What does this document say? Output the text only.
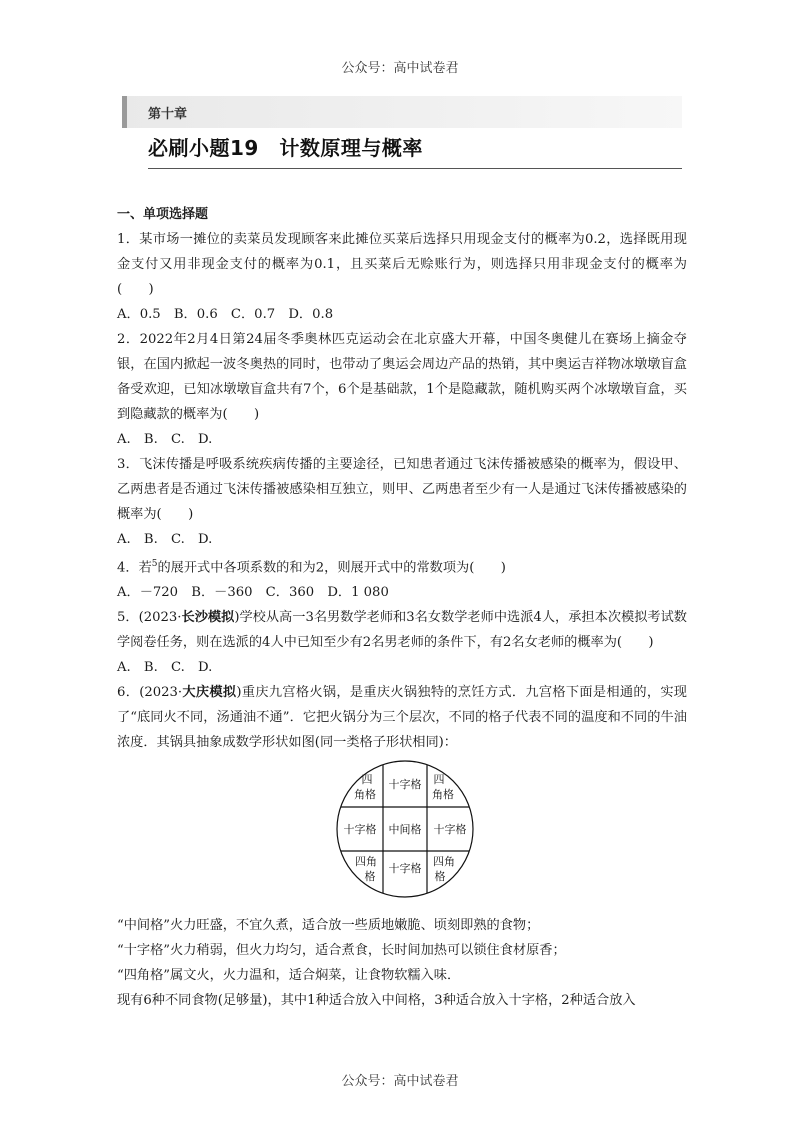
公众号：高中试卷君
第十章
必刷小题19　计数原理与概率

一、单项选择题

1．某市场一摊位的卖菜员发现顾客来此摊位买菜后选择只用现金支付的概率为0.2，选择既用现金支付又用非现金支付的概率为0.1，且买菜后无赊账行为，则选择只用非现金支付的概率为(　　)

A．0.5　B．0.6　C．0.7　D．0.8

2．2022年2月4日第24届冬季奥林匹克运动会在北京盛大开幕，中国冬奥健儿在赛场上摘金夺银，在国内掀起一波冬奥热的同时，也带动了奥运会周边产品的热销，其中奥运吉祥物冰墩墩盲盒备受欢迎，已知冰墩墩盲盒共有7个，6个是基础款，1个是隐藏款，随机购买两个冰墩墩盲盒，买到隐藏款的概率为(　　)

A.　B.　C.　D.

3．飞沫传播是呼吸系统疾病传播的主要途径，已知患者通过飞沫传播被感染的概率为，假设甲、乙两患者是否通过飞沫传播被感染相互独立，则甲、乙两患者至少有一人是通过飞沫传播被感染的概率为(　　)

A.　B.　C.　D.

4．若$^5$的展开式中各项系数的和为2，则展开式中的常数项为(　　)

A．－720　B．－360　C．360　D．1 080

5．(2023·长沙模拟)学校从高一3名男数学老师和3名女数学老师中选派4人，承担本次模拟考试数学阅卷任务，则在选派的4人中已知至少有2名男老师的条件下，有2名女老师的概率为(　　)

A.　B.　C.　D.

6．(2023·大庆模拟)重庆九宫格火锅，是重庆火锅独特的烹饪方式．九宫格下面是相通的，实现了“底同火不同，汤通油不通”．它把火锅分为三个层次，不同的格子代表不同的温度和不同的牛油浓度．其锅具抽象成数学形状如图(同一类格子形状相同)：

四
角格
十字格 四
角格
十字格 中间格 十字格
四角
格
十字格
四角
格

“中间格”火力旺盛，不宜久煮，适合放一些质地嫩脆、顷刻即熟的食物；

“十字格”火力稍弱，但火力均匀，适合煮食，长时间加热可以锁住食材原香；

“四角格”属文火，火力温和，适合焖菜，让食物软糯入味．

现有6种不同食物(足够量)，其中1种适合放入中间格，3种适合放入十字格，2种适合放入

公众号：高中试卷君
